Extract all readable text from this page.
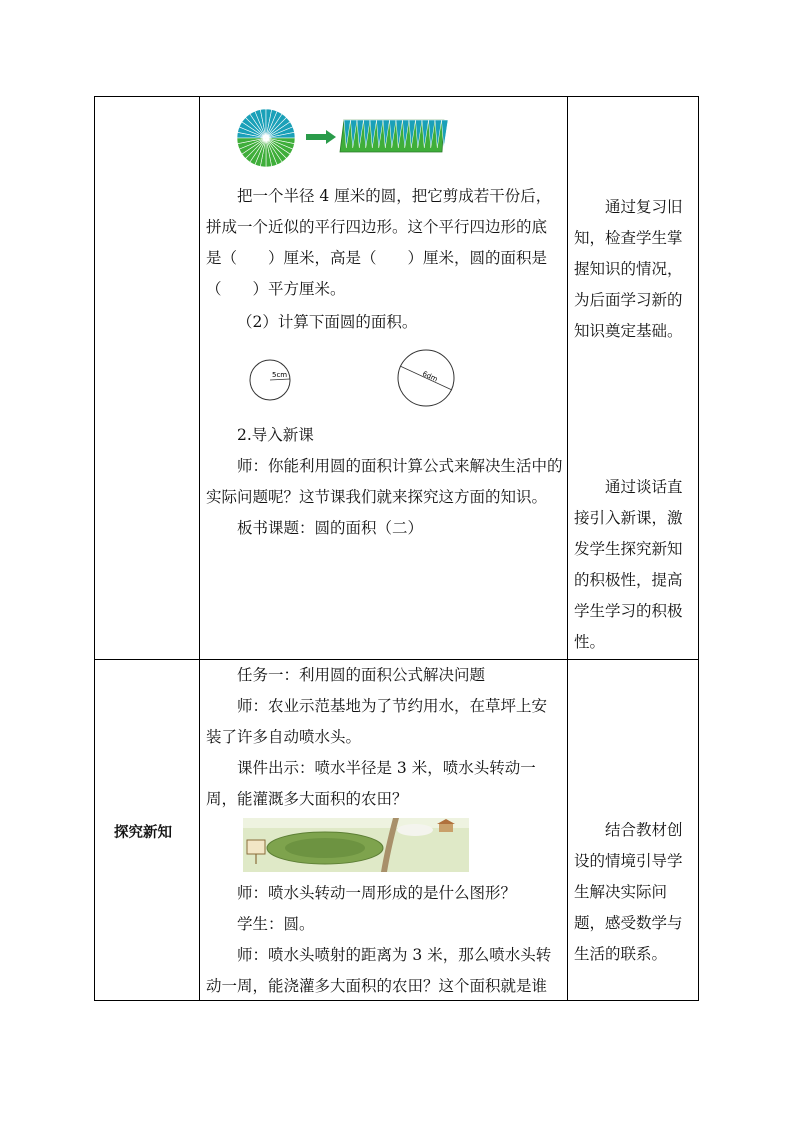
把一个半径 4 厘米的圆，把它剪成若干份后，拼成一个近似的平行四边形。这个平行四边形的底是（　　）厘米，高是（　　）厘米，圆的面积是（　　）平方厘米。

（2）计算下面圆的面积。

5cm	6dm

2.导入新课

师：你能利用圆的面积计算公式来解决生活中的实际问题呢？这节课我们就来探究这方面的知识。

板书课题：圆的面积（二）

通过复习旧知，检查学生掌握知识的情况，为后面学习新的知识奠定基础。

通过谈话直接引入新课，激发学生探究新知的积极性，提高学生学习的积极性。

探究新知

任务一：利用圆的面积公式解决问题

师：农业示范基地为了节约用水，在草坪上安装了许多自动喷水头。

课件出示：喷水半径是 3 米，喷水头转动一周，能灌溉多大面积的农田？

师：喷水头转动一周形成的是什么图形？

学生：圆。

师：喷水头喷射的距离为 3 米，那么喷水头转动一周，能浇灌多大面积的农田？这个面积就是谁

结合教材创设的情境引导学生解决实际问题，感受数学与生活的联系。
